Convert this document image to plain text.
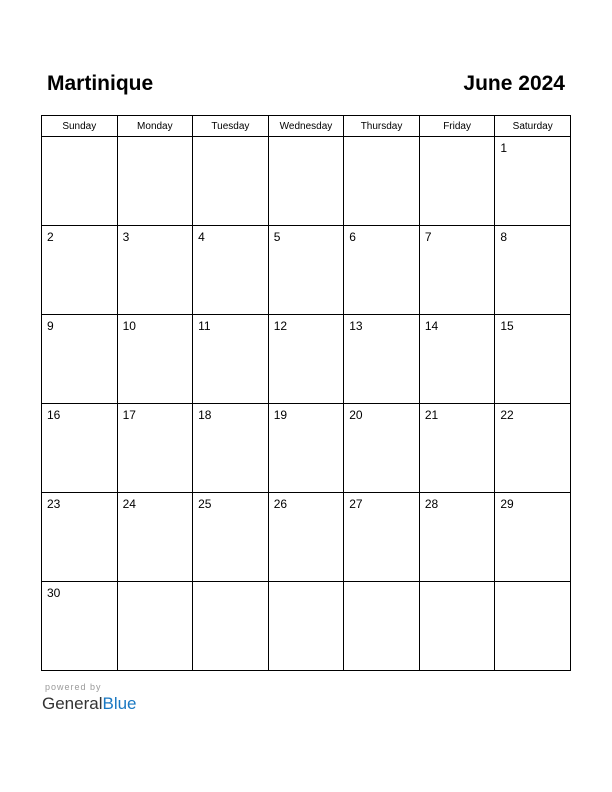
Martinique	June 2024
Sunday	Monday	Tuesday	Wednesday	Thursday	Friday	Saturday

						1

2	3	4	5	6	7	8

9	10	11	12	13	14	15

16	17	18	19	20	21	22

23	24	25	26	27	28	29

30						

powered by
GeneralBlue
